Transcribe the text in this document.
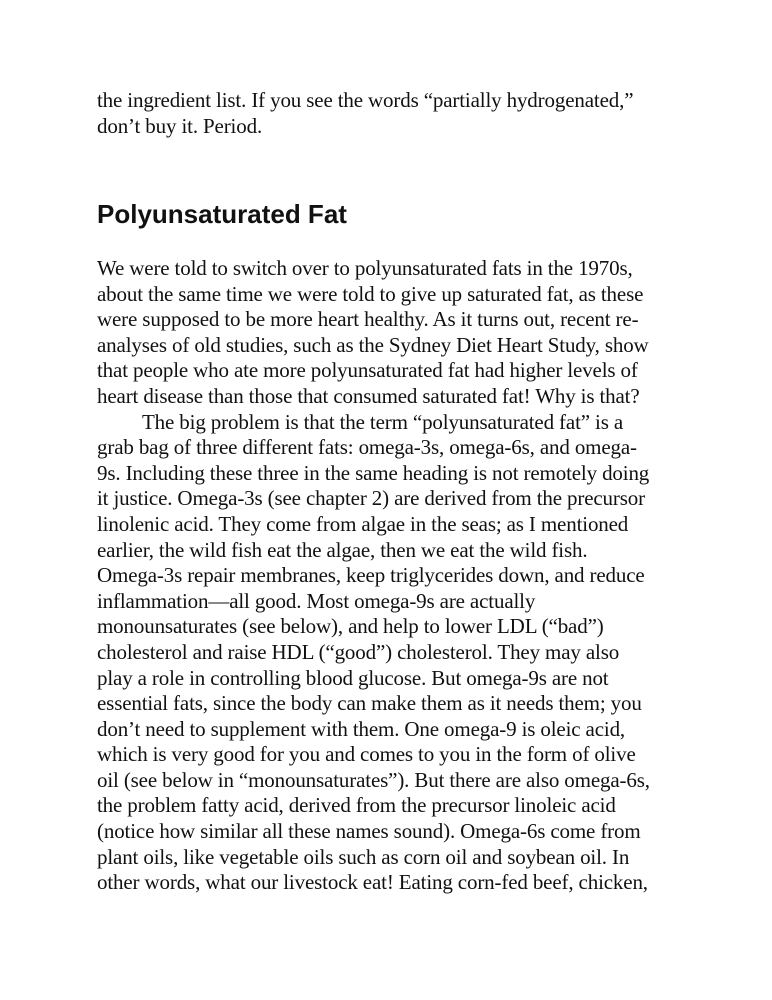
the ingredient list. If you see the words “partially hydrogenated,”
don’t buy it. Period.
Polyunsaturated Fat
We were told to switch over to polyunsaturated fats in the 1970s,
about the same time we were told to give up saturated fat, as these
were supposed to be more heart healthy. As it turns out, recent re-
analyses of old studies, such as the Sydney Diet Heart Study, show
that people who ate more polyunsaturated fat had higher levels of
heart disease than those that consumed saturated fat! Why is that?
The big problem is that the term “polyunsaturated fat” is a
grab bag of three different fats: omega-3s, omega-6s, and omega-
9s. Including these three in the same heading is not remotely doing
it justice. Omega-3s (see chapter 2) are derived from the precursor
linolenic acid. They come from algae in the seas; as I mentioned
earlier, the wild fish eat the algae, then we eat the wild fish.
Omega-3s repair membranes, keep triglycerides down, and reduce
inflammation—all good. Most omega-9s are actually
monounsaturates (see below), and help to lower LDL (“bad”)
cholesterol and raise HDL (“good”) cholesterol. They may also
play a role in controlling blood glucose. But omega-9s are not
essential fats, since the body can make them as it needs them; you
don’t need to supplement with them. One omega-9 is oleic acid,
which is very good for you and comes to you in the form of olive
oil (see below in “monounsaturates”). But there are also omega-6s,
the problem fatty acid, derived from the precursor linoleic acid
(notice how similar all these names sound). Omega-6s come from
plant oils, like vegetable oils such as corn oil and soybean oil. In
other words, what our livestock eat! Eating corn-fed beef, chicken,
